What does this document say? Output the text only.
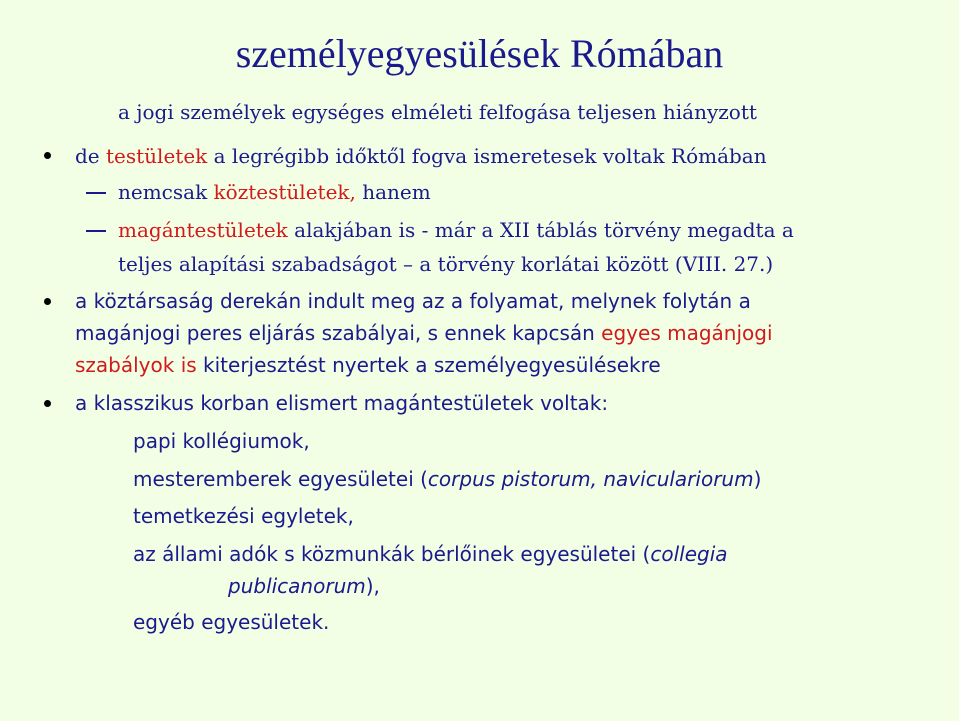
személyegyesülések Rómában
a jogi személyek egységes elméleti felfogása teljesen hiányzott
de testületek a legrégibb időktől fogva ismeretesek voltak Rómában
nemcsak köztestületek, hanem
magántestületek alakjában is - már a XII táblás törvény megadta a
teljes alapítási szabadságot – a törvény korlátai között (VIII. 27.)
a köztársaság derekán indult meg az a folyamat, melynek folytán a
magánjogi peres eljárás szabályai, s ennek kapcsán egyes magánjogi
szabályok is kiterjesztést nyertek a személyegyesülésekre
a klasszikus korban elismert magántestületek voltak:
papi kollégiumok,
mesteremberek egyesületei (corpus pistorum, naviculariorum)
temetkezési egyletek,
az állami adók s közmunkák bérlőinek egyesületei (collegia
publicanorum),
egyéb egyesületek.
